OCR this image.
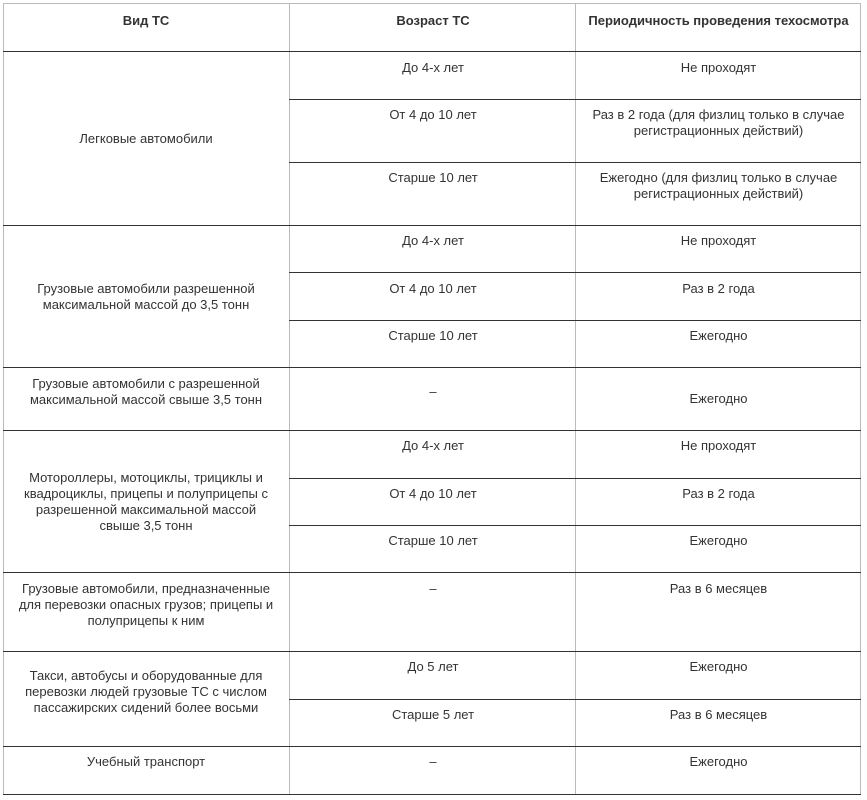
Вид ТС	Возраст ТС	Периодичность проведения техосмотра
Легковые автомобили
До 4-х лет	Не проходят
От 4 до 10 лет	Раз в 2 года (для физлиц только в случае регистрационных действий)
Старше 10 лет	Ежегодно (для физлиц только в случае регистрационных действий)
Грузовые автомобили разрешенной максимальной массой до 3,5 тонн
До 4-х лет	Не проходят
От 4 до 10 лет	Раз в 2 года
Старше 10 лет	Ежегодно
Грузовые автомобили с разрешенной максимальной массой свыше 3,5 тонн
–	Ежегодно
Мотороллеры, мотоциклы, трициклы и квадроциклы, прицепы и полуприцепы с разрешенной максимальной массой свыше 3,5 тонн
До 4-х лет	Не проходят
От 4 до 10 лет	Раз в 2 года
Старше 10 лет	Ежегодно
Грузовые автомобили, предназначенные для перевозки опасных грузов; прицепы и полуприцепы к ним
–	Раз в 6 месяцев
Такси, автобусы и оборудованные для перевозки людей грузовые ТС с числом пассажирских сидений более восьми
До 5 лет	Ежегодно
Старше 5 лет	Раз в 6 месяцев
Учебный транспорт	–	Ежегодно
